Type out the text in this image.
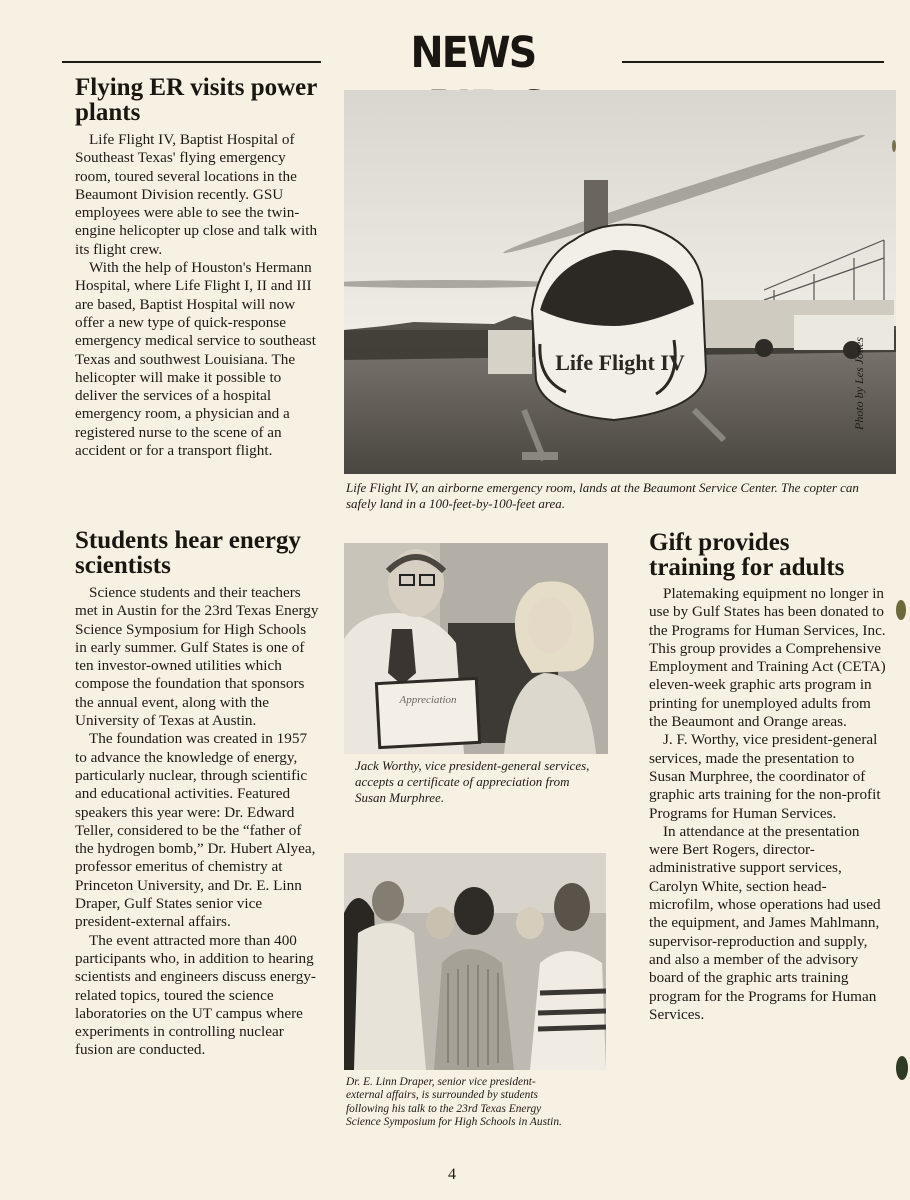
NEWS
Flying ER visits power plants

Life Flight IV, Baptist Hospital of Southeast Texas' flying emergency room, toured several locations in the Beaumont Division recently. GSU employees were able to see the twin-engine helicopter up close and talk with its flight crew.

With the help of Houston's Hermann Hospital, where Life Flight I, II and III are based, Baptist Hospital will now offer a new type of quick-response emergency medical service to southeast Texas and southwest Louisiana. The helicopter will make it possible to deliver the services of a hospital emergency room, a physician and a registered nurse to the scene of an accident or for a transport flight.

Life Flight IV	Photo by Les Jones
Life Flight IV, an airborne emergency room, lands at the Beaumont Service Center. The copter can safely land in a 100-feet-by-100-feet area.
Students hear energy scientists

Science students and their teachers met in Austin for the 23rd Texas Energy Science Symposium for High Schools in early summer. Gulf States is one of ten investor-owned utilities which compose the foundation that sponsors the annual event, along with the University of Texas at Austin.

The foundation was created in 1957 to advance the knowledge of energy, particularly nuclear, through scientific and educational activities. Featured speakers this year were: Dr. Edward Teller, considered to be the “father of the hydrogen bomb,” Dr. Hubert Alyea, professor emeritus of chemistry at Princeton University, and Dr. E. Linn Draper, Gulf States senior vice president-external affairs.

The event attracted more than 400 participants who, in addition to hearing scientists and engineers discuss energy-related topics, toured the science laboratories on the UT campus where experiments in controlling nuclear fusion are conducted.

Appreciation
Jack Worthy, vice president-general services, accepts a certificate of appreciation from Susan Murphree.
Dr. E. Linn Draper, senior vice president-external affairs, is surrounded by students following his talk to the 23rd Texas Energy Science Symposium for High Schools in Austin.
Gift provides training for adults

Platemaking equipment no longer in use by Gulf States has been donated to the Programs for Human Services, Inc. This group provides a Comprehensive Employment and Training Act (CETA) eleven-week graphic arts program in printing for unemployed adults from the Beaumont and Orange areas.

J. F. Worthy, vice president-general services, made the presentation to Susan Murphree, the coordinator of graphic arts training for the non-profit Programs for Human Services.

In attendance at the presentation were Bert Rogers, director-administrative support services, Carolyn White, section head-microfilm, whose operations had used the equipment, and James Mahlmann, supervisor-reproduction and supply, and also a member of the advisory board of the graphic arts training program for the Programs for Human Services.

4
